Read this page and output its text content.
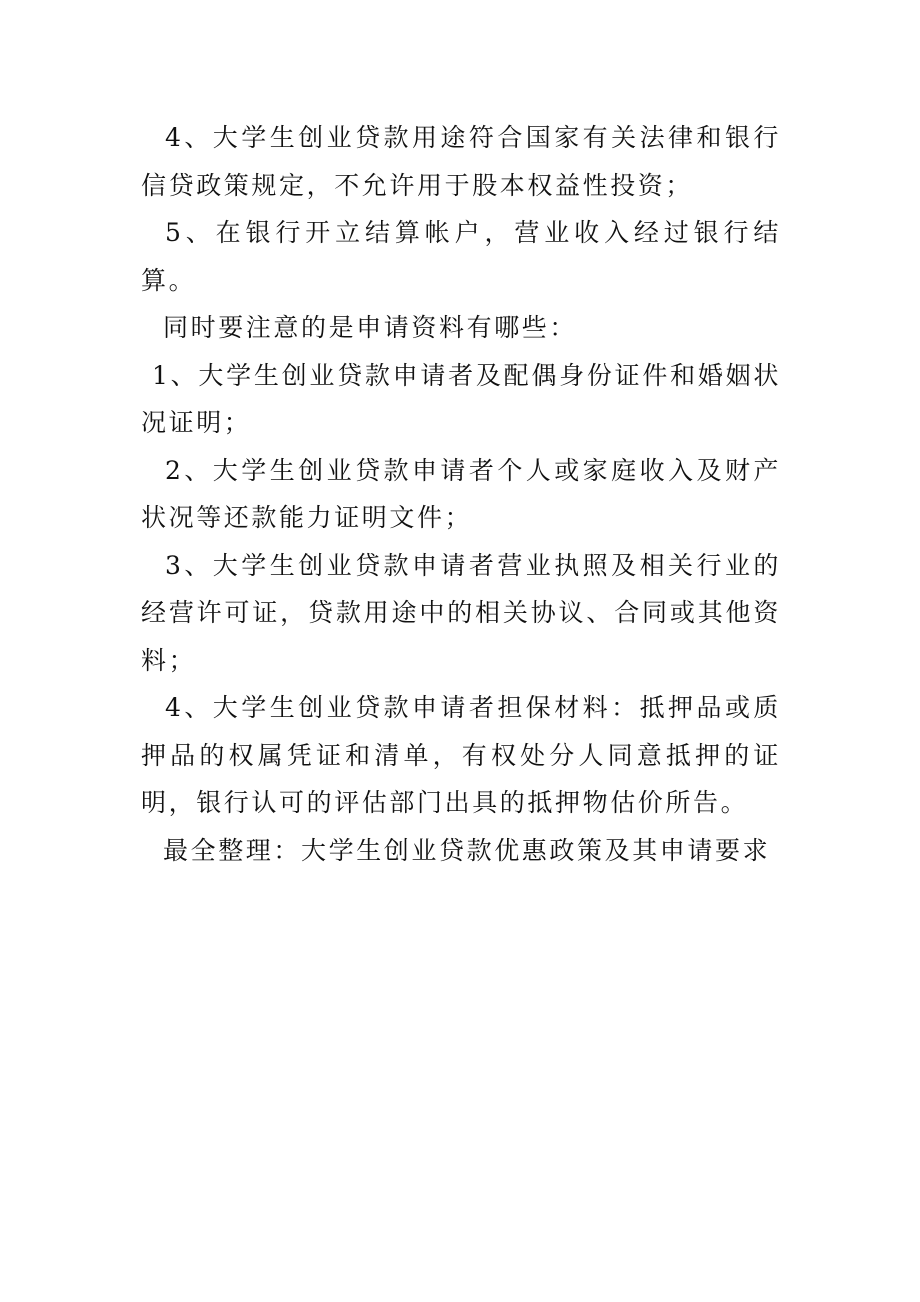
4、大学生创业贷款用途符合国家有关法律和银行信贷政策规定，不允许用于股本权益性投资；

5、在银行开立结算帐户，营业收入经过银行结算。

同时要注意的是申请资料有哪些：

1、大学生创业贷款申请者及配偶身份证件和婚姻状况证明；

2、大学生创业贷款申请者个人或家庭收入及财产状况等还款能力证明文件；

3、大学生创业贷款申请者营业执照及相关行业的经营许可证，贷款用途中的相关协议、合同或其他资料；

4、大学生创业贷款申请者担保材料：抵押品或质押品的权属凭证和清单，有权处分人同意抵押的证明，银行认可的评估部门出具的抵押物估价所告。

最全整理：大学生创业贷款优惠政策及其申请要求
